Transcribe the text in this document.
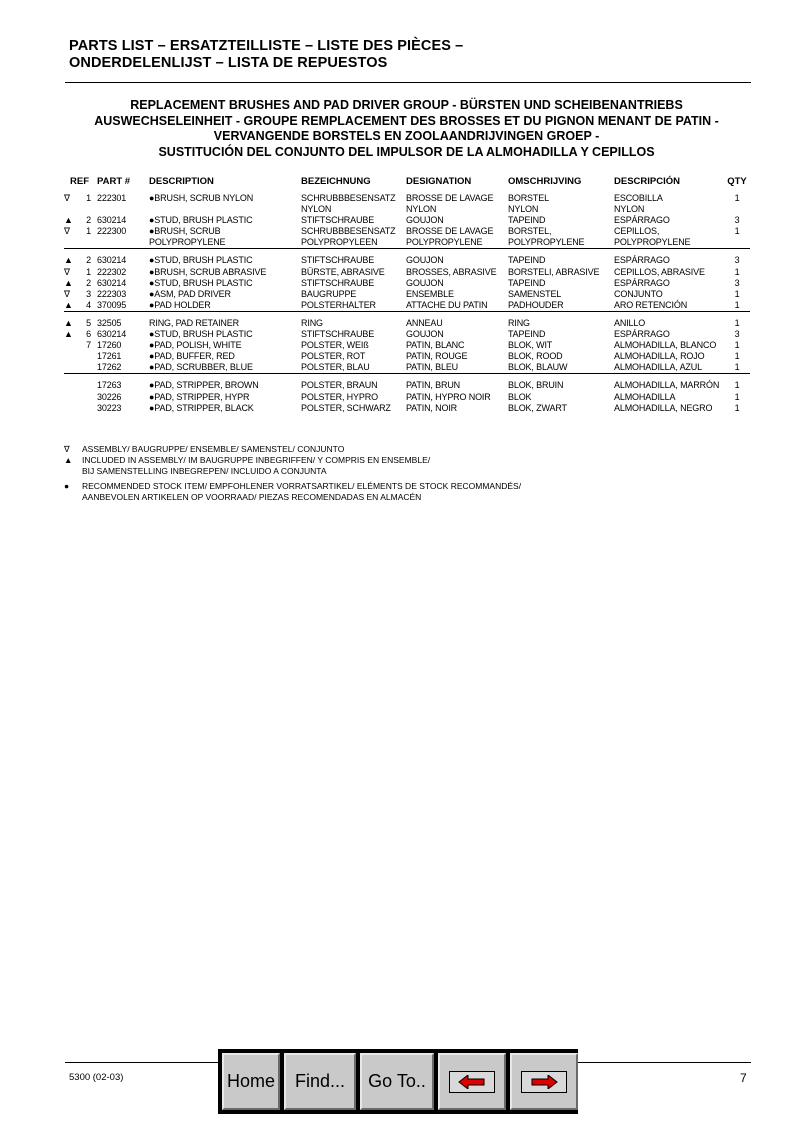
PARTS LIST – ERSATZTEILLISTE – LISTE DES PIÈCES –
ONDERDELENLIJST – LISTA DE REPUESTOS
REPLACEMENT BRUSHES AND PAD DRIVER GROUP - BÜRSTEN UND SCHEIBENANTRIEBS
AUSWECHSELEINHEIT - GROUPE REMPLACEMENT DES BROSSES ET DU PIGNON MENANT DE PATIN -
VERVANGENDE BORSTELS EN ZOOLAANDRIJVINGEN GROEP -
SUSTITUCIÓN DEL CONJUNTO DEL IMPULSOR DE LA ALMOHADILLA Y CEPILLOS
REF	PART #	DESCRIPTION	BEZEICHNUNG	DESIGNATION	OMSCHRIJVING	DESCRIPCIÓN	QTY

∇ 1	222301	●BRUSH, SCRUB NYLON	SCHRUBBBESENSATZ	BROSSE DE LAVAGE	BORSTEL	ESCOBILLA	1

			NYLON	NYLON	NYLON	NYLON	

▲ 2	630214	●STUD, BRUSH PLASTIC	STIFTSCHRAUBE	GOUJON	TAPEIND	ESPÁRRAGO	3

∇ 1	222300	●BRUSH, SCRUB	SCHRUBBBESENSATZ	BROSSE DE LAVAGE	BORSTEL,	CEPILLOS,	1

		POLYPROPYLENE	POLYPROPYLEEN	POLYPROPYLENE	POLYPROPYLENE	POLYPROPYLENE	

▲ 2	630214	●STUD, BRUSH PLASTIC	STIFTSCHRAUBE	GOUJON	TAPEIND	ESPÁRRAGO	3

∇ 1	222302	●BRUSH, SCRUB ABRASIVE	BÜRSTE, ABRASIVE	BROSSES, ABRASIVE	BORSTELI, ABRASIVE	CEPILLOS, ABRASIVE	1

▲ 2	630214	●STUD, BRUSH PLASTIC	STIFTSCHRAUBE	GOUJON	TAPEIND	ESPÁRRAGO	3

∇ 3	222303	●ASM, PAD DRIVER	BAUGRUPPE	ENSEMBLE	SAMENSTEL	CONJUNTO	1

▲ 4	370095	●PAD HOLDER	POLSTERHALTER	ATTACHE DU PATIN	PADHOUDER	ARO RETENCIÓN	1

▲ 5	32505	RING, PAD RETAINER	RING	ANNEAU	RING	ANILLO	1

▲ 6	630214	●STUD, BRUSH PLASTIC	STIFTSCHRAUBE	GOUJON	TAPEIND	ESPÁRRAGO	3

7	17260	●PAD, POLISH, WHITE	POLSTER, WEIß	PATIN, BLANC	BLOK, WIT	ALMOHADILLA, BLANCO	1

	17261	●PAD, BUFFER, RED	POLSTER, ROT	PATIN, ROUGE	BLOK, ROOD	ALMOHADILLA, ROJO	1

	17262	●PAD, SCRUBBER, BLUE	POLSTER, BLAU	PATIN, BLEU	BLOK, BLAUW	ALMOHADILLA, AZUL	1

	17263	●PAD, STRIPPER, BROWN	POLSTER, BRAUN	PATIN, BRUN	BLOK, BRUIN	ALMOHADILLA, MARRÓN	1

	30226	●PAD, STRIPPER, HYPR	POLSTER, HYPRO	PATIN, HYPRO NOIR	BLOK	ALMOHADILLA	1

	30223	●PAD, STRIPPER, BLACK	POLSTER, SCHWARZ	PATIN, NOIR	BLOK, ZWART	ALMOHADILLA, NEGRO	1
∇	ASSEMBLY/ BAUGRUPPE/ ENSEMBLE/ SAMENSTEL/ CONJUNTO
▲	INCLUDED IN ASSEMBLY/ IM BAUGRUPPE INBEGRIFFEN/ Y COMPRIS EN ENSEMBLE/
BIJ SAMENSTELLING INBEGREPEN/ INCLUIDO A CONJUNTA
●	RECOMMENDED STOCK ITEM/ EMPFOHLENER VORRATSARTIKEL/ ELÉMENTS DE STOCK RECOMMANDÉS/
AANBEVOLEN ARTIKELEN OP VOORRAAD/ PIEZAS RECOMENDADAS EN ALMACÉN
5300 (02-03)	7
Home	Find...	Go To..
